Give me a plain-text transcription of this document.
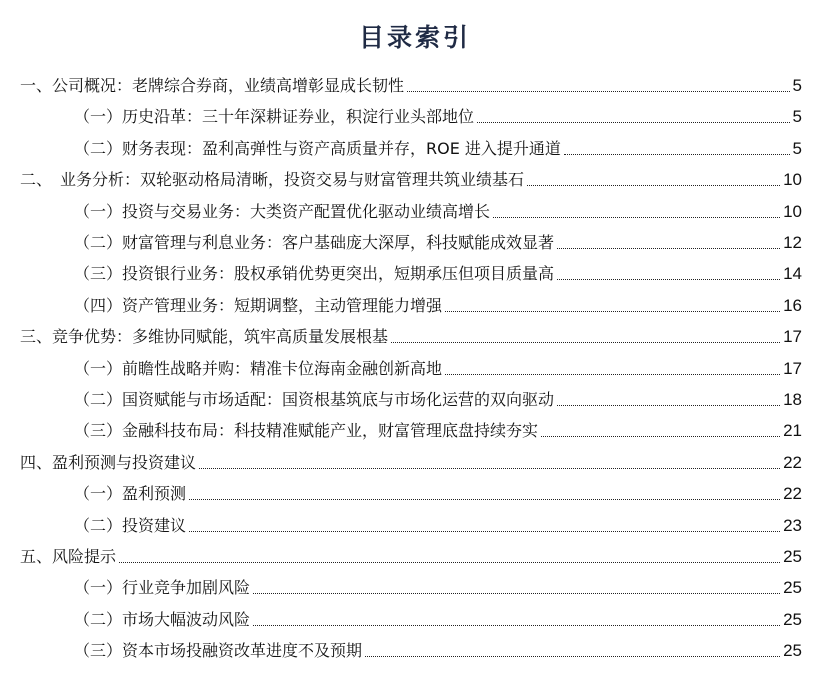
目录索引
一、公司概况：老牌综合券商，业绩高增彰显成长韧性	5
（一）历史沿革：三十年深耕证券业，积淀行业头部地位	5
（二）财务表现：盈利高弹性与资产高质量并存，ROE 进入提升通道	5
二、　业务分析：双轮驱动格局清晰，投资交易与财富管理共筑业绩基石	10
（一）投资与交易业务：大类资产配置优化驱动业绩高增长	10
（二）财富管理与利息业务：客户基础庞大深厚，科技赋能成效显著	12
（三）投资银行业务：股权承销优势更突出，短期承压但项目质量高	14
（四）资产管理业务：短期调整，主动管理能力增强	16
三、竞争优势：多维协同赋能，筑牢高质量发展根基	17
（一）前瞻性战略并购：精准卡位海南金融创新高地	17
（二）国资赋能与市场适配：国资根基筑底与市场化运营的双向驱动	18
（三）金融科技布局：科技精准赋能产业，财富管理底盘持续夯实	21
四、盈利预测与投资建议	22
（一）盈利预测	22
（二）投资建议	23
五、风险提示	25
（一）行业竞争加剧风险	25
（二）市场大幅波动风险	25
（三）资本市场投融资改革进度不及预期	25
